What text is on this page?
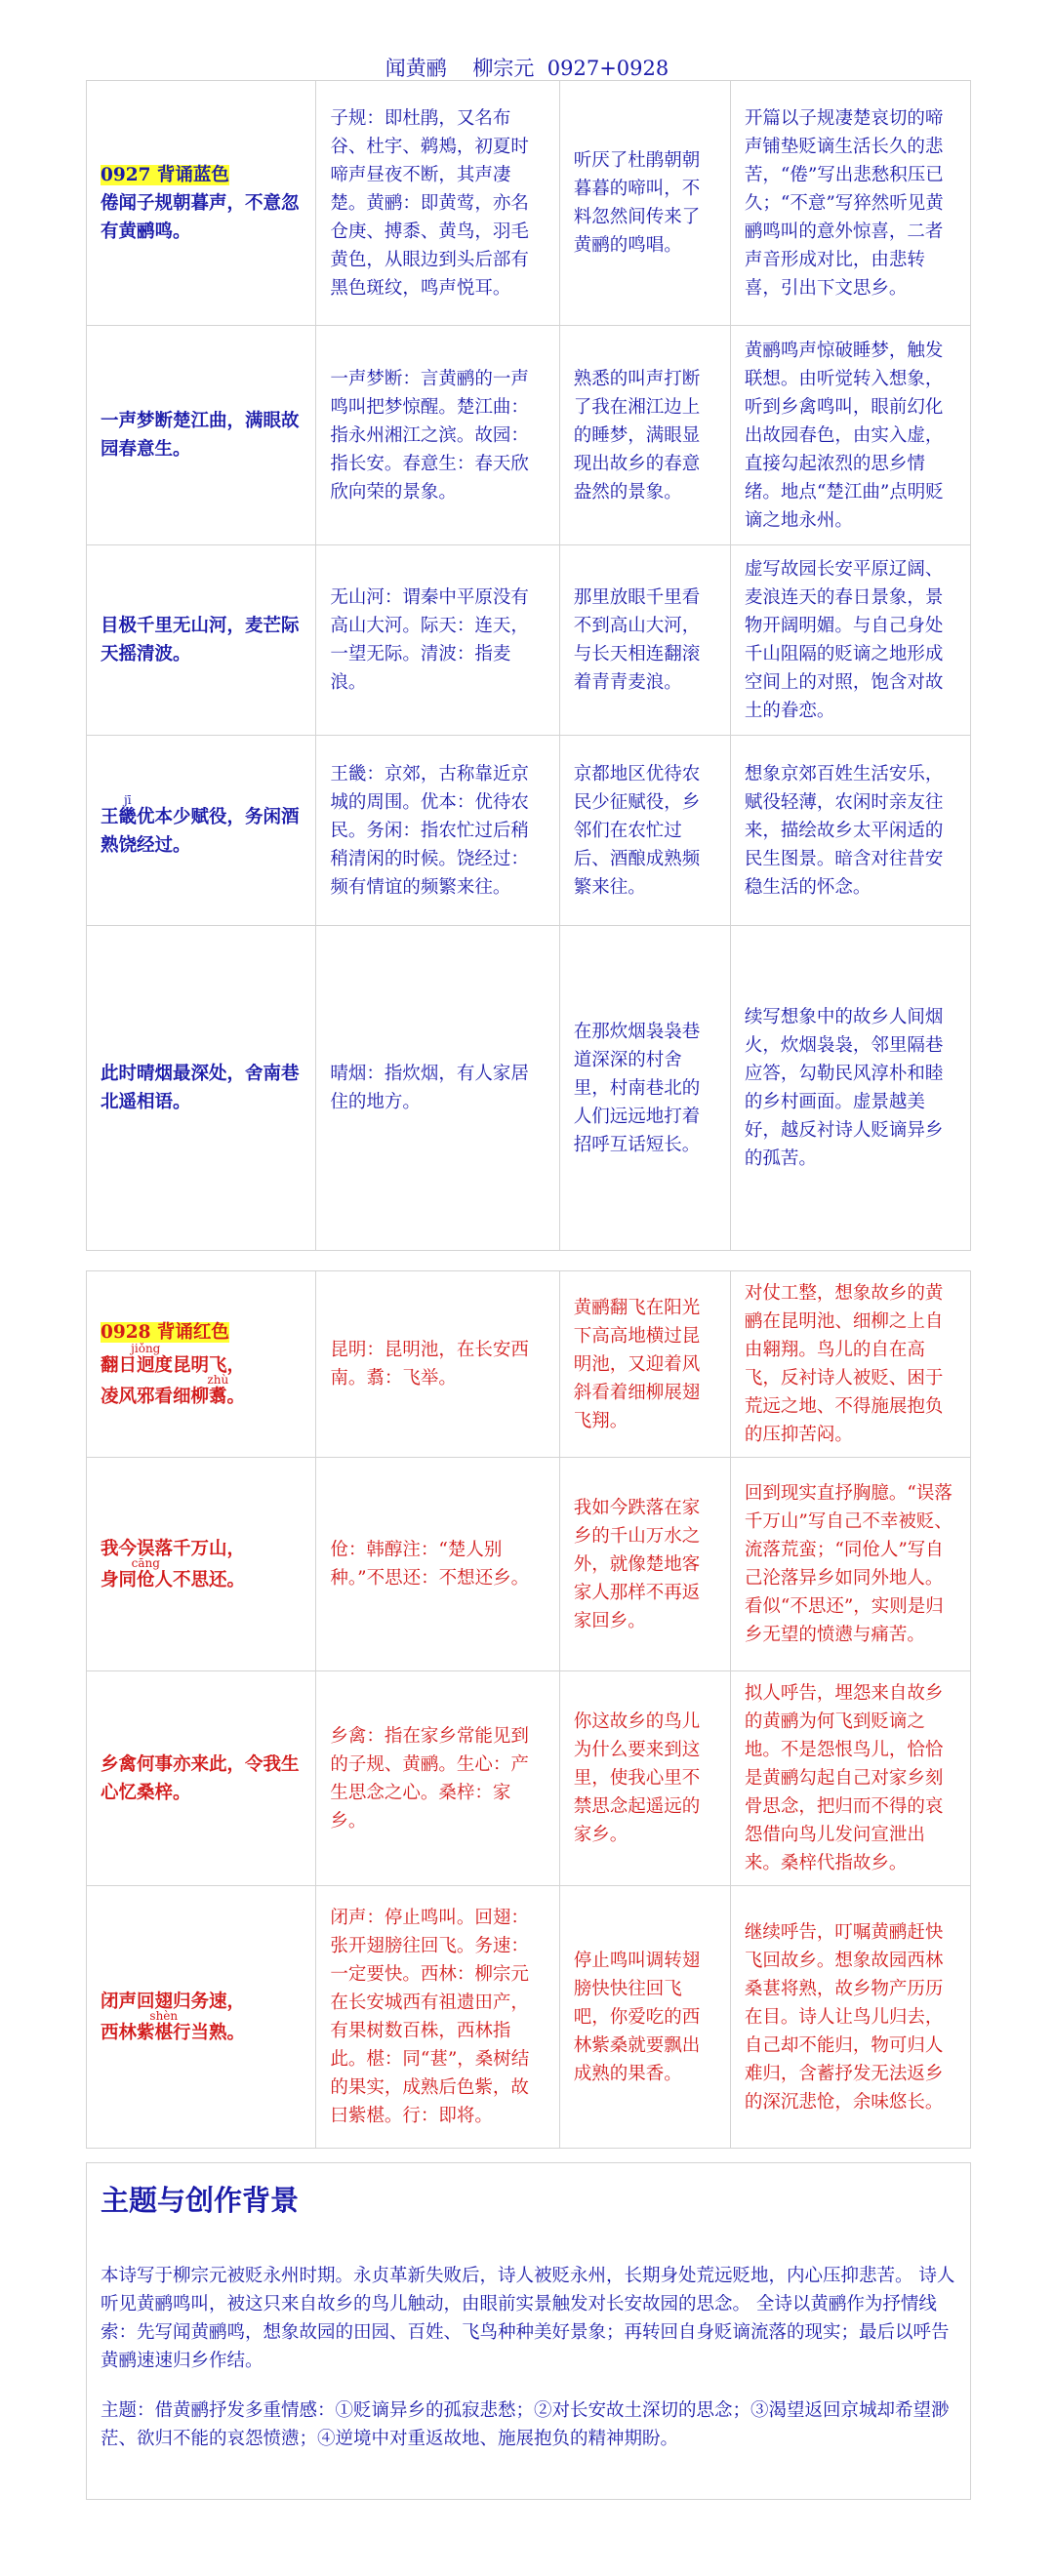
闻黄鹂    柳宗元  0927+0928
0927 背诵蓝色
倦闻子规朝暮声，不意忽有黄鹂鸣。	子规：即杜鹃，又名布谷、杜宇、鹈鴂，初夏时啼声昼夜不断，其声凄楚。黄鹂：即黄莺，亦名仓庚、搏黍、黄鸟，羽毛黄色，从眼边到头后部有黑色斑纹，鸣声悦耳。	听厌了杜鹃朝朝暮暮的啼叫，不料忽然间传来了黄鹂的鸣唱。	开篇以子规凄楚哀切的啼声铺垫贬谪生活长久的悲苦，“倦”写出悲愁积压已久；“不意”写猝然听见黄鹂鸣叫的意外惊喜，二者声音形成对比，由悲转喜，引出下文思乡。
一声梦断楚江曲，满眼故园春意生。	一声梦断：言黄鹂的一声鸣叫把梦惊醒。楚江曲：指永州湘江之滨。故园：指长安。春意生：春天欣欣向荣的景象。	熟悉的叫声打断了我在湘江边上的睡梦，满眼显现出故乡的春意盎然的景象。	黄鹂鸣声惊破睡梦，触发联想。由听觉转入想象，听到乡禽鸣叫，眼前幻化出故园春色，由实入虚，直接勾起浓烈的思乡情绪。地点“楚江曲”点明贬谪之地永州。
目极千里无山河，麦芒际天摇清波。	无山河：谓秦中平原没有高山大河。际天：连天，一望无际。清波：指麦浪。	那里放眼千里看不到高山大河，与长天相连翻滚着青青麦浪。	虚写故园长安平原辽阔、麦浪连天的春日景象，景物开阔明媚。与自己身处千山阻隔的贬谪之地形成空间上的对照，饱含对故土的眷恋。
王畿jī优本少赋役，务闲酒熟饶经过。	王畿：京郊，古称靠近京城的周围。优本：优待农民。务闲：指农忙过后稍稍清闲的时候。饶经过：频有情谊的频繁来往。	京都地区优待农民少征赋役，乡邻们在农忙过后、酒酿成熟频繁来往。	想象京郊百姓生活安乐，赋役轻薄，农闲时亲友往来，描绘故乡太平闲适的民生图景。暗含对往昔安稳生活的怀念。
此时晴烟最深处，舍南巷北遥相语。	晴烟：指炊烟，有人家居住的地方。	在那炊烟袅袅巷道深深的村舍里，村南巷北的人们远远地打着招呼互话短长。	续写想象中的故乡人间烟火，炊烟袅袅，邻里隔巷应答，勾勒民风淳朴和睦的乡村画面。虚景越美好，越反衬诗人贬谪异乡的孤苦。
0928 背诵红色
翻日迥jiǒng度昆明飞，
凌风邪看细柳翥zhù。	昆明：昆明池，在长安西南。翥：飞举。	黄鹂翻飞在阳光下高高地横过昆明池，又迎着风斜看着细柳展翅飞翔。	对仗工整，想象故乡的黄鹂在昆明池、细柳之上自由翱翔。鸟儿的自在高飞，反衬诗人被贬、困于荒远之地、不得施展抱负的压抑苦闷。
我今误落千万山，
身同伧cāng人不思还。	伧：韩醇注：“楚人别种。”不思还：不想还乡。	我如今跌落在家乡的千山万水之外，就像楚地客家人那样不再返家回乡。	回到现实直抒胸臆。“误落千万山”写自己不幸被贬、流落荒蛮；“同伧人”写自己沦落异乡如同外地人。看似“不思还”，实则是归乡无望的愤懑与痛苦。
乡禽何事亦来此，令我生心忆桑梓。	乡禽：指在家乡常能见到的子规、黄鹂。生心：产生思念之心。桑梓：家乡。	你这故乡的鸟儿为什么要来到这里，使我心里不禁思念起遥远的家乡。	拟人呼告，埋怨来自故乡的黄鹂为何飞到贬谪之地。不是怨恨鸟儿，恰恰是黄鹂勾起自己对家乡刻骨思念，把归而不得的哀怨借向鸟儿发问宣泄出来。桑梓代指故乡。
闭声回翅归务速，
西林紫椹shèn行当熟。	闭声：停止鸣叫。回翅：张开翅膀往回飞。务速：一定要快。西林：柳宗元在长安城西有祖遗田产，有果树数百株，西林指此。椹：同“葚”，桑树结的果实，成熟后色紫，故曰紫椹。行：即将。	停止鸣叫调转翅膀快快往回飞吧，你爱吃的西林紫桑就要飘出成熟的果香。	继续呼告，叮嘱黄鹂赶快飞回故乡。想象故园西林桑葚将熟，故乡物产历历在目。诗人让鸟儿归去，自己却不能归，物可归人难归，含蓄抒发无法返乡的深沉悲怆，余味悠长。
主题与创作背景

本诗写于柳宗元被贬永州时期。永贞革新失败后，诗人被贬永州，长期身处荒远贬地，内心压抑悲苦。 诗人听见黄鹂鸣叫，被这只来自故乡的鸟儿触动，由眼前实景触发对长安故园的思念。 全诗以黄鹂作为抒情线索：先写闻黄鹂鸣，想象故园的田园、百姓、飞鸟种种美好景象；再转回自身贬谪流落的现实；最后以呼告黄鹂速速归乡作结。

主题：借黄鹂抒发多重情感：①贬谪异乡的孤寂悲愁；②对长安故土深切的思念；③渴望返回京城却希望渺茫、欲归不能的哀怨愤懑；④逆境中对重返故地、施展抱负的精神期盼。
